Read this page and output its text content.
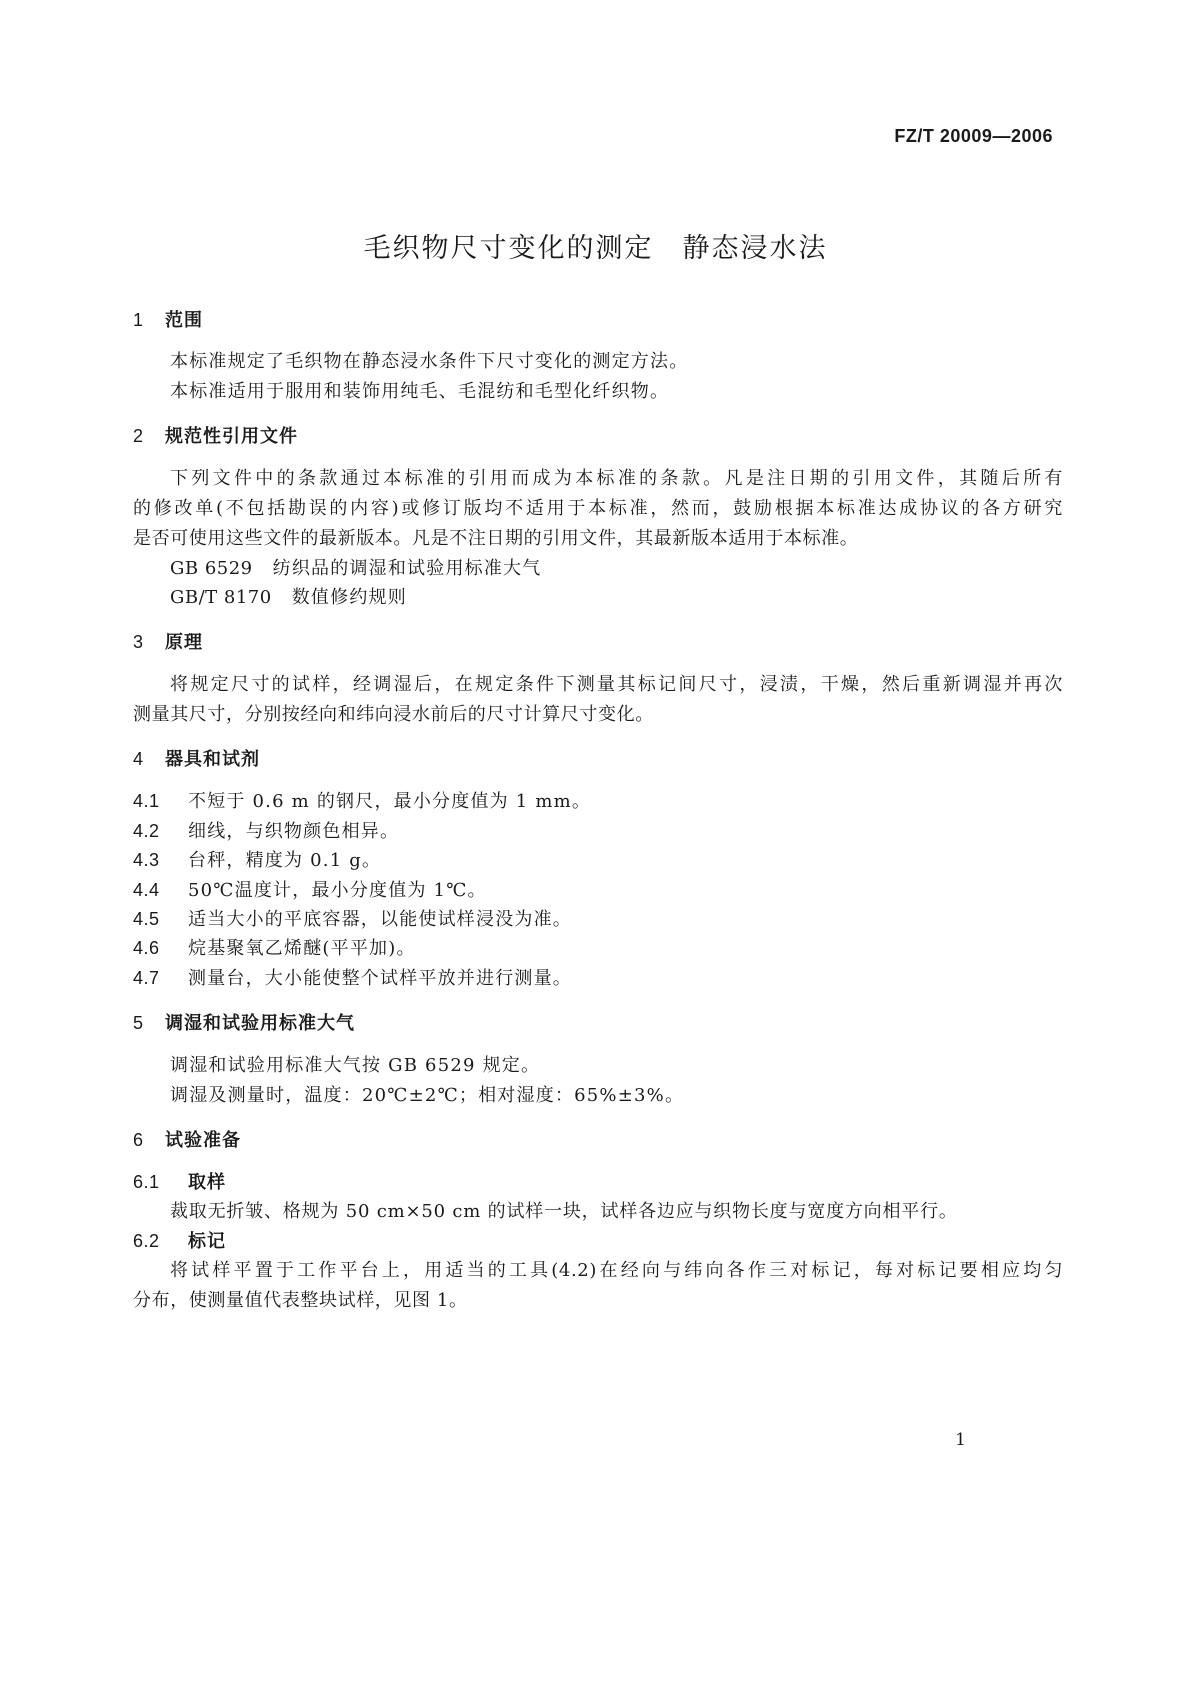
FZ/T 20009—2006
毛织物尺寸变化的测定　静态浸水法
1 范围
本标准规定了毛织物在静态浸水条件下尺寸变化的测定方法。
本标准适用于服用和装饰用纯毛、毛混纺和毛型化纤织物。
2 规范性引用文件
下列文件中的条款通过本标准的引用而成为本标准的条款。凡是注日期的引用文件，其随后所有
的修改单(不包括勘误的内容)或修订版均不适用于本标准，然而，鼓励根据本标准达成协议的各方研究
是否可使用这些文件的最新版本。凡是不注日期的引用文件，其最新版本适用于本标准。
GB 6529 纺织品的调湿和试验用标准大气
GB/T 8170 数值修约规则
3 原理
将规定尺寸的试样，经调湿后，在规定条件下测量其标记间尺寸，浸渍，干燥，然后重新调湿并再次
测量其尺寸，分别按经向和纬向浸水前后的尺寸计算尺寸变化。
4 器具和试剂
4.1 不短于 0.6 m 的钢尺，最小分度值为 1 mm。
4.2 细线，与织物颜色相异。
4.3 台秤，精度为 0.1 g。
4.4 50℃温度计，最小分度值为 1℃。
4.5 适当大小的平底容器，以能使试样浸没为准。
4.6 烷基聚氧乙烯醚(平平加)。
4.7 测量台，大小能使整个试样平放并进行测量。
5 调湿和试验用标准大气
调湿和试验用标准大气按 GB 6529 规定。
调湿及测量时，温度：20℃±2℃；相对湿度：65%±3%。
6 试验准备
6.1 取样
裁取无折皱、格规为 50 cm×50 cm 的试样一块，试样各边应与织物长度与宽度方向相平行。
6.2 标记
将试样平置于工作平台上，用适当的工具(4.2)在经向与纬向各作三对标记，每对标记要相应均匀
分布，使测量值代表整块试样，见图 1。
1
